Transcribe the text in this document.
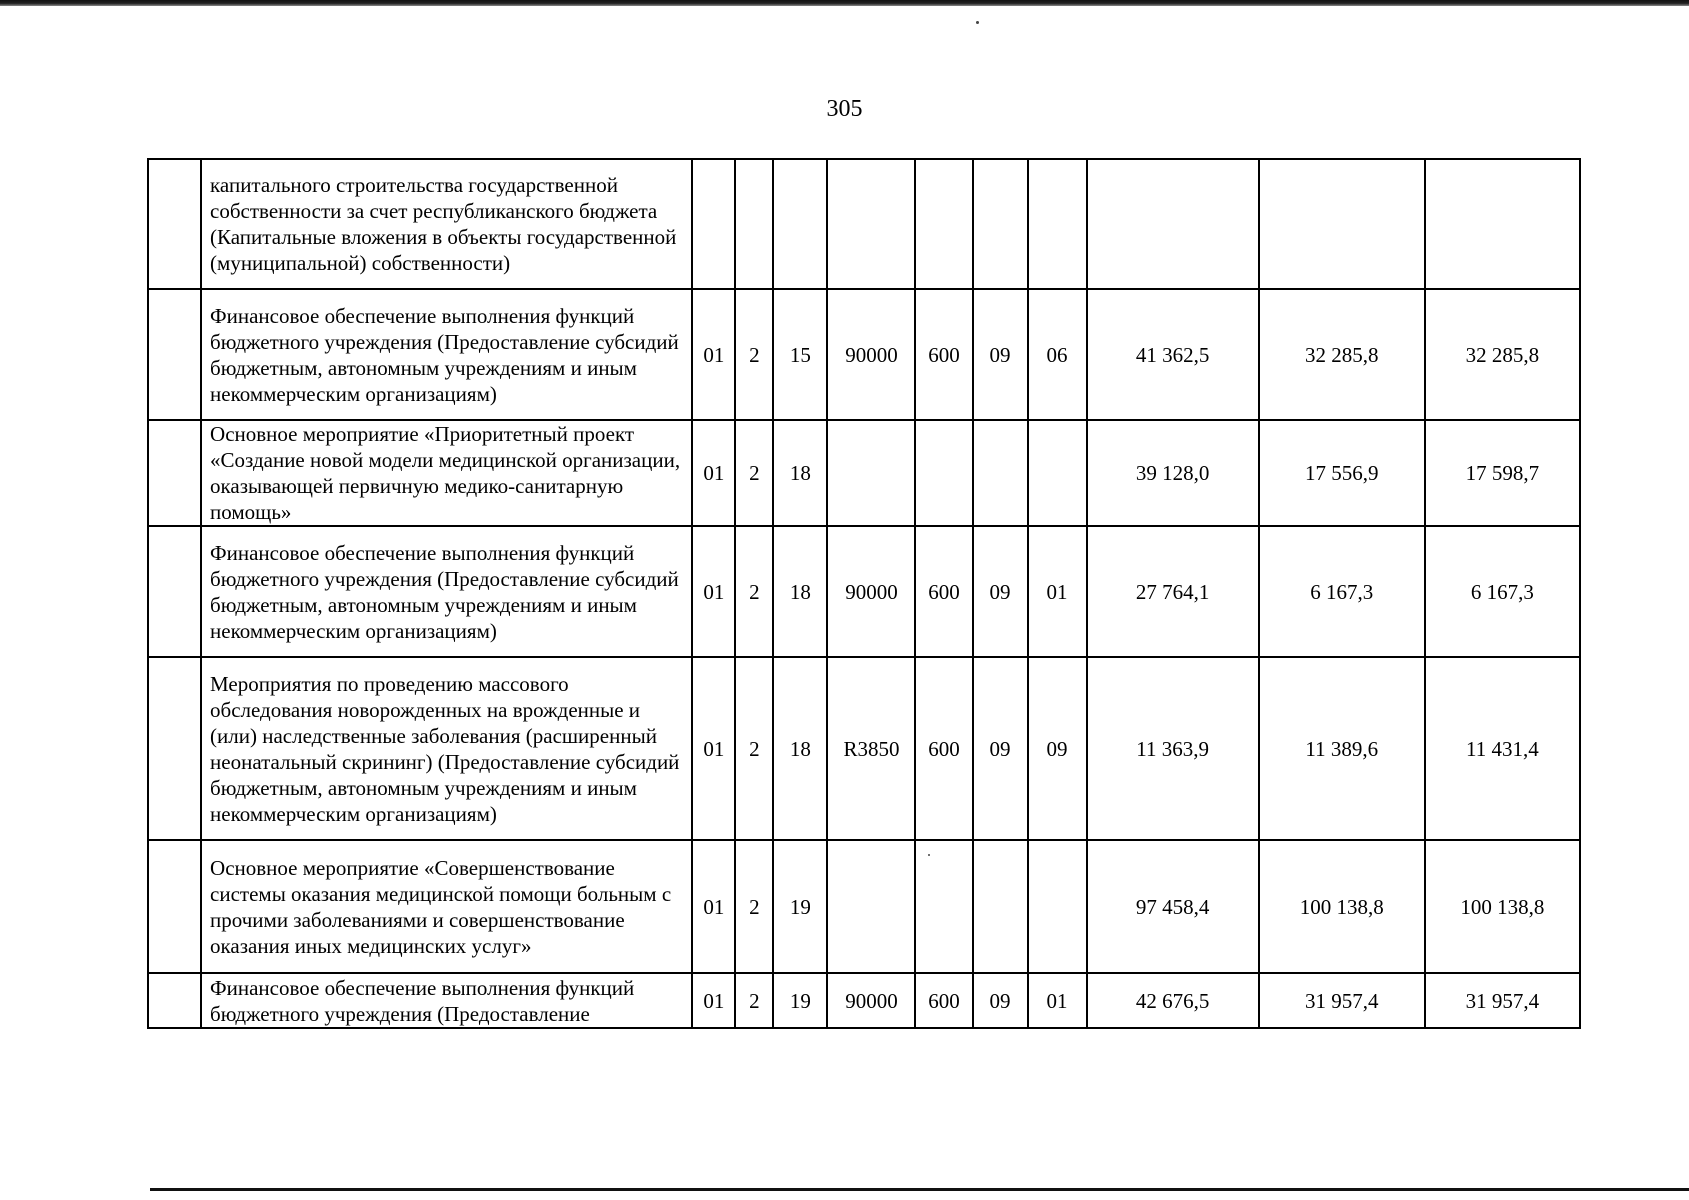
305
	капитального строительства государственной собственности за счет республиканского бюджета (Капитальные вложения в объекты государственной (муниципальной) собственности)										
	Финансовое обеспечение выполнения функций бюджетного учреждения (Предоставление субсидий бюджетным, автономным учреждениям и иным некоммерческим организациям)	01	2	15	90000	600	09	06	41 362,5	32 285,8	32 285,8
	Основное мероприятие «Приоритетный проект «Создание новой модели медицинской организации, оказывающей первичную медико-санитарную помощь»	01	2	18					39 128,0	17 556,9	17 598,7
	Финансовое обеспечение выполнения функций бюджетного учреждения (Предоставление субсидий бюджетным, автономным учреждениям и иным некоммерческим организациям)	01	2	18	90000	600	09	01	27 764,1	6 167,3	6 167,3
	Мероприятия по проведению массового обследования новорожденных на врожденные и (или) наследственные заболевания (расширенный неонатальный скрининг) (Предоставление субсидий бюджетным, автономным учреждениям и иным некоммерческим организациям)	01	2	18	R3850	600	09	09	11 363,9	11 389,6	11 431,4
	Основное мероприятие «Совершенствование системы оказания медицинской помощи больным с прочими заболеваниями и совершенствование оказания иных медицинских услуг»	01	2	19					97 458,4	100 138,8	100 138,8
	Финансовое обеспечение выполнения функций бюджетного учреждения (Предоставление	01	2	19	90000	600	09	01	42 676,5	31 957,4	31 957,4
